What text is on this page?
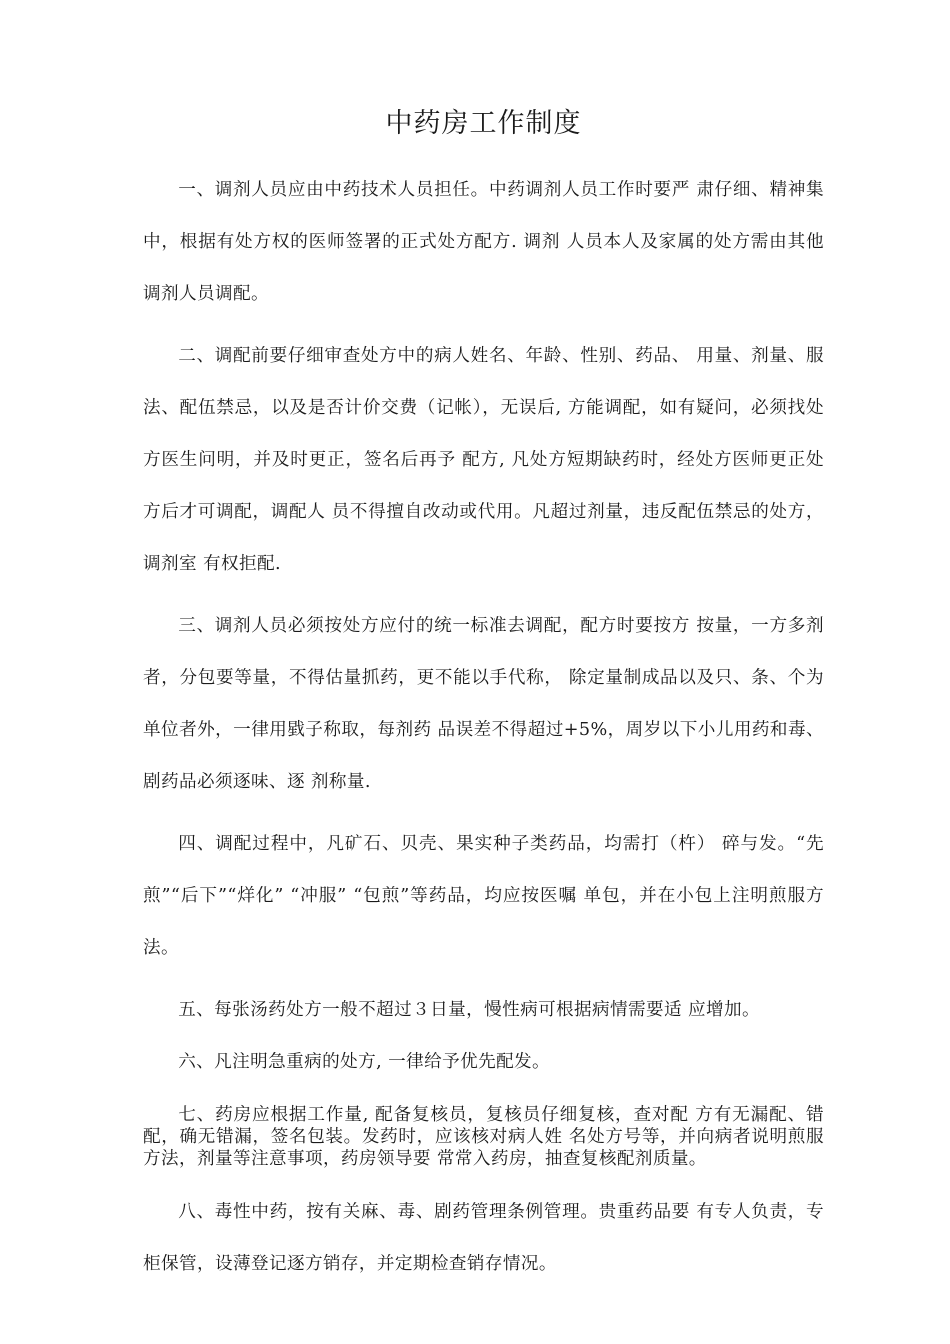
中药房工作制度

一、调剂人员应由中药技术人员担任。中药调剂人员工作时要严 肃仔细、精神集中，根据有处方权的医师签署的正式处方配方. 调剂 人员本人及家属的处方需由其他调剂人员调配。

二、调配前要仔细审查处方中的病人姓名、年龄、性别、药品、 用量、剂量、服法、配伍禁忌，以及是否计价交费（记帐），无误后, 方能调配，如有疑问，必须找处方医生问明，并及时更正，签名后再予 配方, 凡处方短期缺药时，经处方医师更正处方后才可调配，调配人 员不得擅自改动或代用。凡超过剂量，违反配伍禁忌的处方，调剂室 有权拒配.

三、调剂人员必须按处方应付的统一标准去调配，配方时要按方 按量，一方多剂者，分包要等量，不得估量抓药，更不能以手代称， 除定量制成品以及只、条、个为单位者外，一律用戥子称取，每剂药 品误差不得超过+5%，周岁以下小儿用药和毒、剧药品必须逐味、逐 剂称量.

四、调配过程中，凡矿石、贝壳、果实种子类药品，均需打（杵） 碎与发。“先煎”“后下”“烊化” “冲服” “包煎”等药品，均应按医嘱 单包，并在小包上注明煎服方法。

五、每张汤药处方一般不超过３日量，慢性病可根据病情需要适 应增加。

六、凡注明急重病的处方, 一律给予优先配发。

七、药房应根据工作量, 配备复核员，复核员仔细复核，查对配 方有无漏配、错配，确无错漏，签名包装。发药时，应该核对病人姓 名处方号等，并向病者说明煎服方法，剂量等注意事项，药房领导要 常常入药房，抽查复核配剂质量。

八、毒性中药，按有关麻、毒、剧药管理条例管理。贵重药品要 有专人负责，专柜保管，设薄登记逐方销存，并定期检查销存情况。
